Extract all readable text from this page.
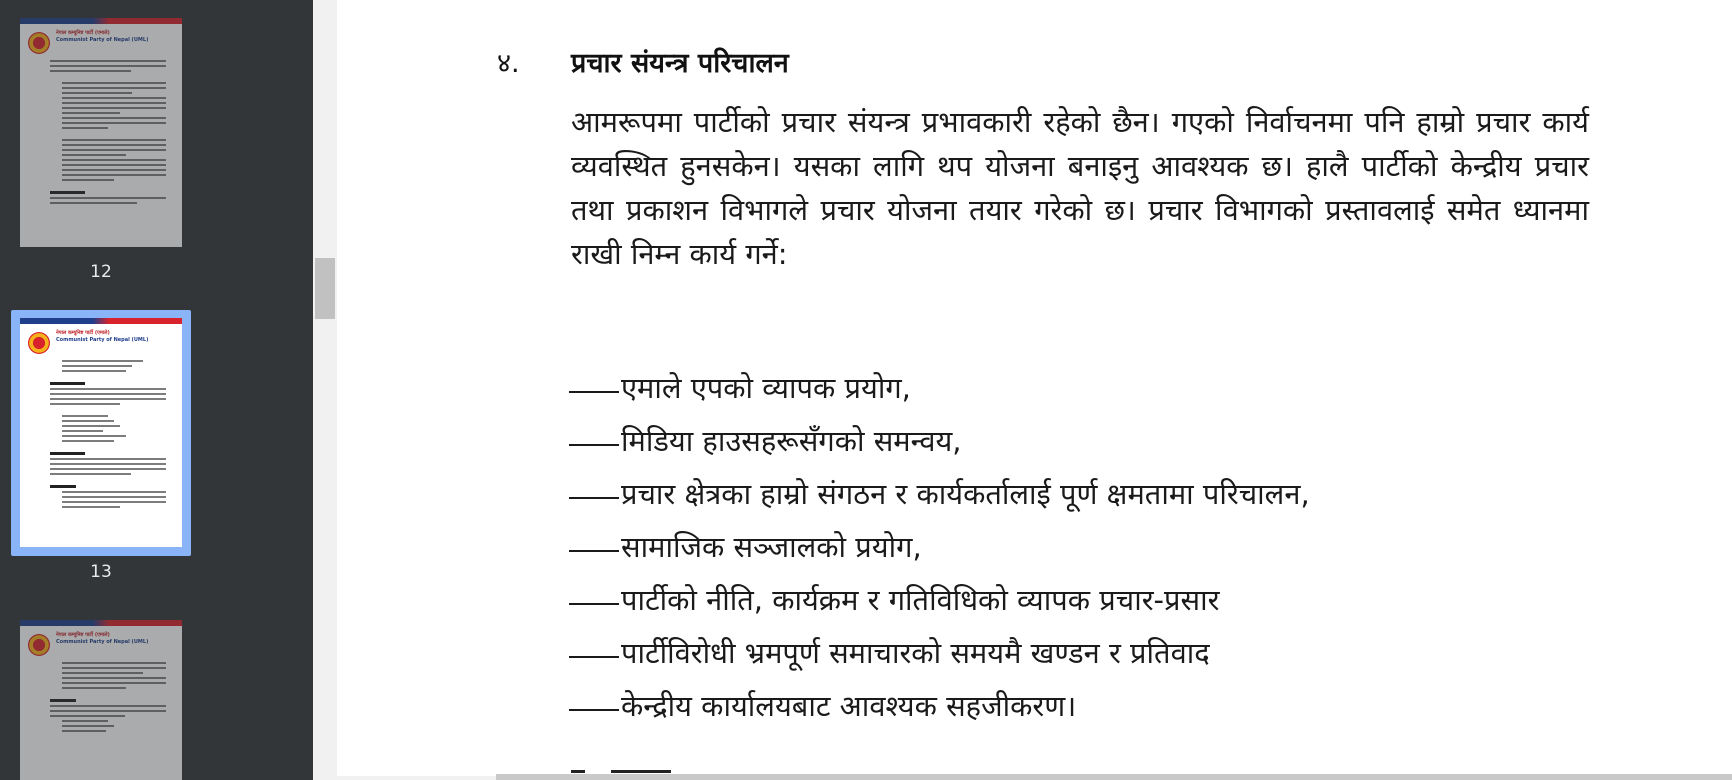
नेपाल कम्युनिष्ट पार्टी (एमाले)
Communist Party of Nepal (UML)
12
नेपाल कम्युनिष्ट पार्टी (एमाले)
Communist Party of Nepal (UML)
13
नेपाल कम्युनिष्ट पार्टी (एमाले)
Communist Party of Nepal (UML)
४. प्रचार संयन्त्र परिचालन

आमरूपमा पार्टीको प्रचार संयन्त्र प्रभावकारी रहेको छैन। गएको निर्वाचनमा पनि हाम्रो प्रचार कार्य व्यवस्थित हुनसकेन। यसका लागि थप योजना बनाइनु आवश्यक छ। हालै पार्टीको केन्द्रीय प्रचार तथा प्रकाशन विभागले प्रचार योजना तयार गरेको छ। प्रचार विभागको प्रस्तावलाई समेत ध्यानमा राखी निम्न कार्य गर्ने:

एमाले एपको व्यापक प्रयोग,
मिडिया हाउसहरूसँगको समन्वय,
प्रचार क्षेत्रका हाम्रो संगठन र कार्यकर्तालाई पूर्ण क्षमतामा परिचालन,
सामाजिक सञ्जालको प्रयोग,
पार्टीको नीति, कार्यक्रम र गतिविधिको व्यापक प्रचार-प्रसार
पार्टीविरोधी भ्रमपूर्ण समाचारको समयमै खण्डन र प्रतिवाद
केन्द्रीय कार्यालयबाट आवश्यक सहजीकरण।
